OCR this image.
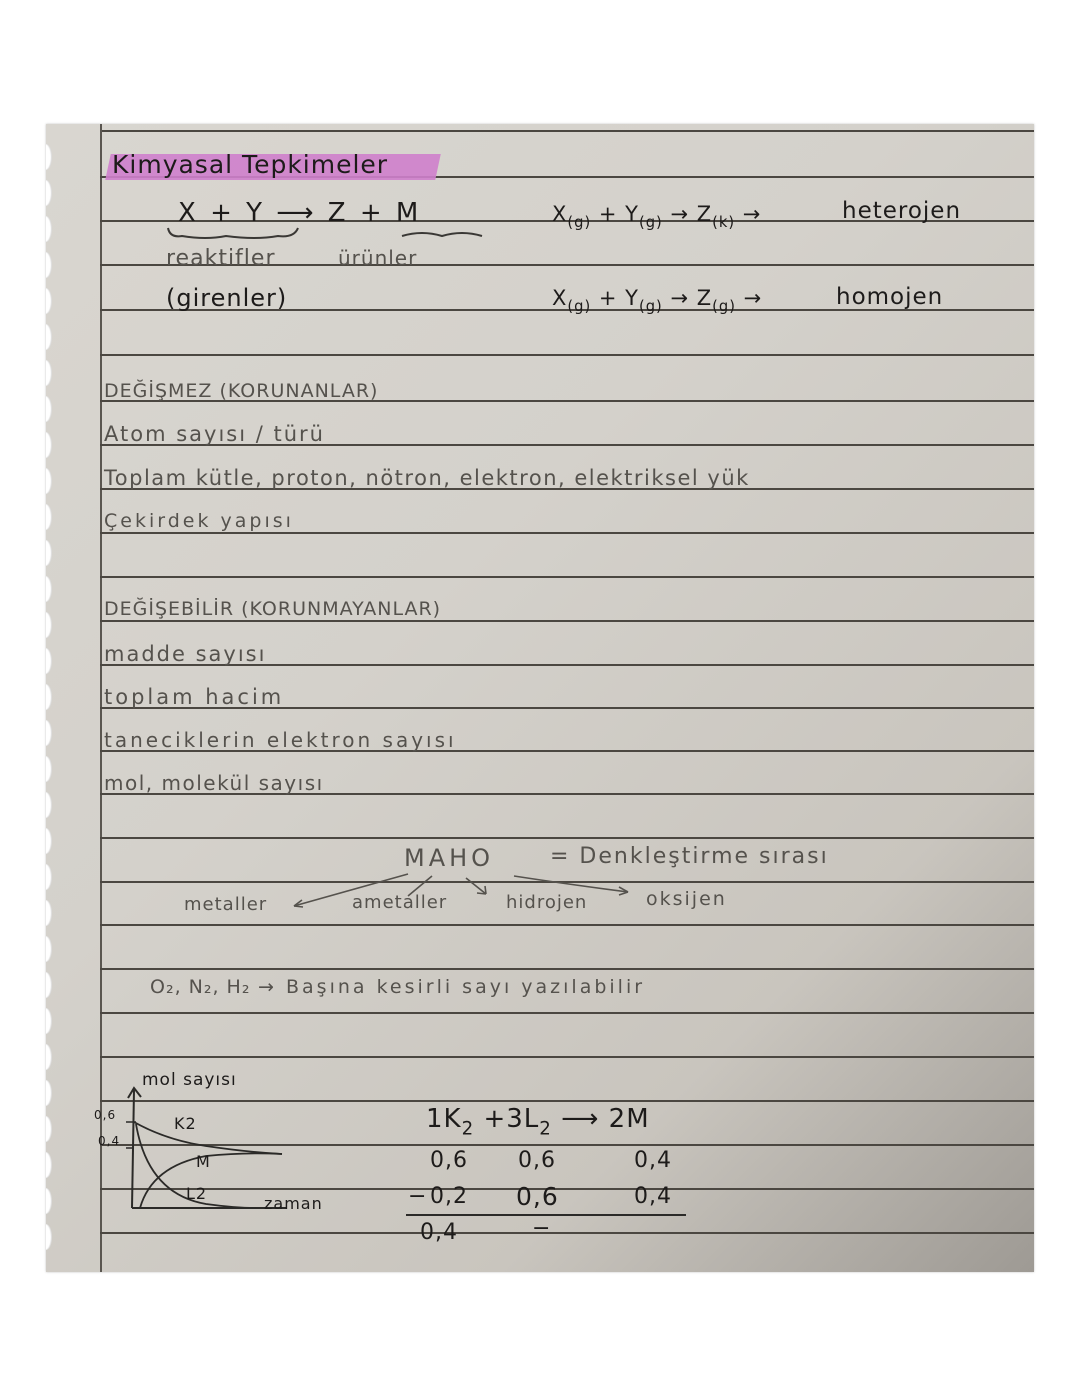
Kimyasal Tepkimeler
X + Y ⟶ Z + M
reaktifler	ürünler
(girenler)
$X_{(g)} + Y_{(g)} \to Z_{(k)}$ →	heterojen
$X_{(g)} + Y_{(g)} \to Z_{(g)}$ →	homojen
DEĞİŞMEZ (KORUNANLAR)
Atom sayısı / türü
Toplam kütle, proton, nötron, elektron, elektriksel yük
Çekirdek yapısı
DEĞİŞEBİLİR (KORUNMAYANLAR)
madde sayısı
toplam hacim
taneciklerin elektron sayısı
mol, molekül sayısı
MAHO	= Denkleştirme sırası
metaller	ametaller	hidrojen	oksijen
O₂, N₂, H₂ → Başına kesirli sayı yazılabilir
mol sayısı
0,6
0,4
K2
M
L2
zaman
$1K_2 +3L_2$ ⟶ 2M
0,6 0,6	0,4
− 0,2 0,6	0,4
0,4	−
